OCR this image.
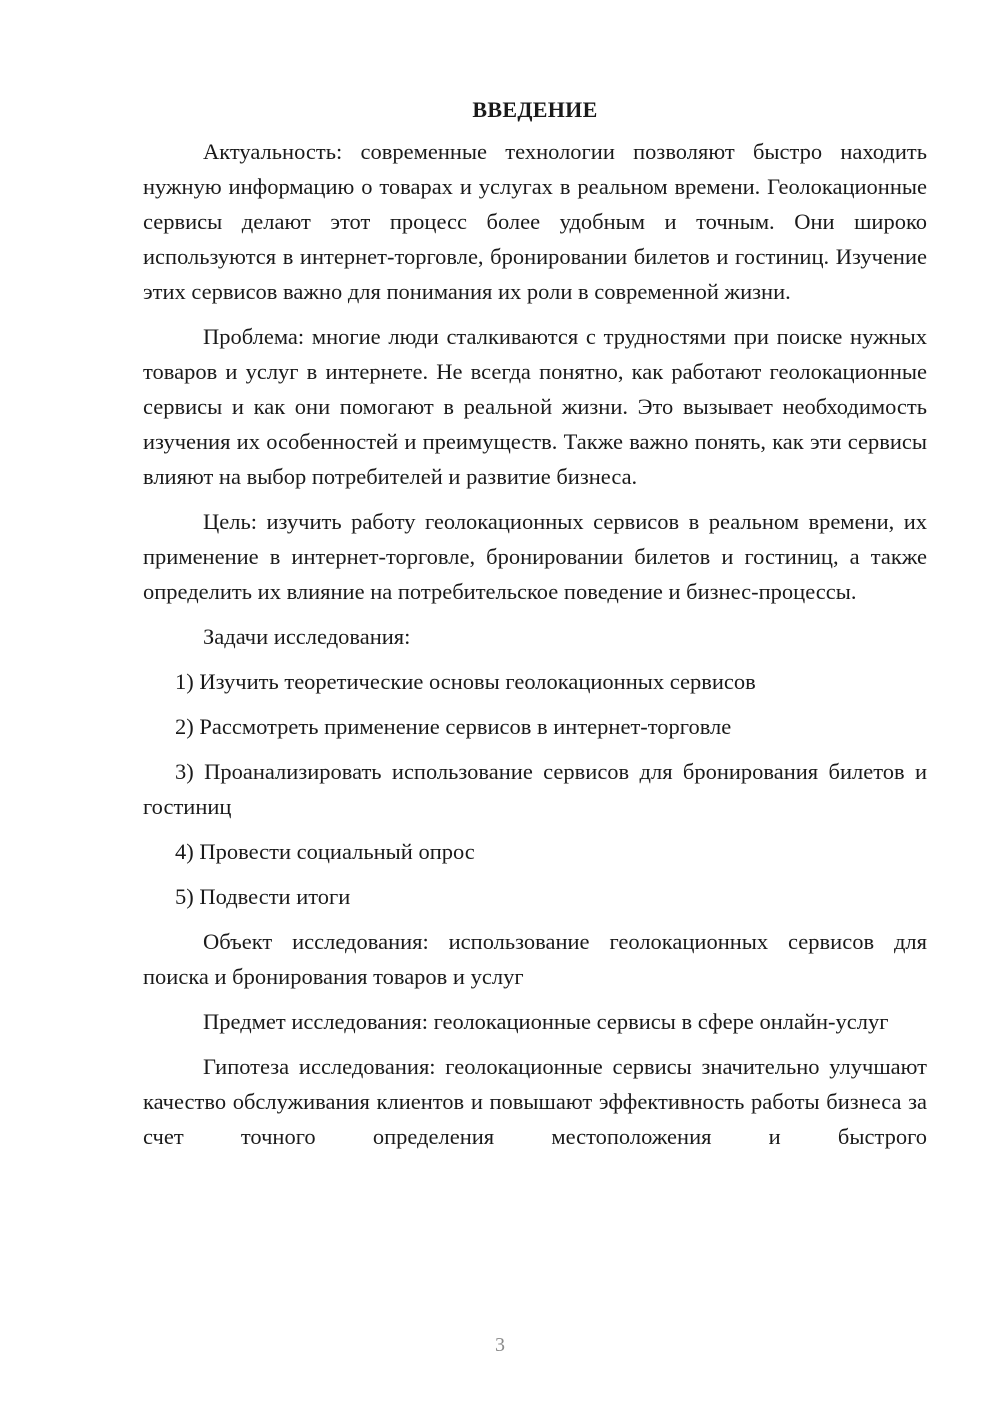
ВВЕДЕНИЕ

Актуальность: современные технологии позволяют быстро находить нужную информацию о товарах и услугах в реальном времени. Геолокационные сервисы делают этот процесс более удобным и точным. Они широко используются в интернет-торговле, бронировании билетов и гостиниц. Изучение этих сервисов важно для понимания их роли в современной жизни.

Проблема: многие люди сталкиваются с трудностями при поиске нужных товаров и услуг в интернете. Не всегда понятно, как работают геолокационные сервисы и как они помогают в реальной жизни. Это вызывает необходимость изучения их особенностей и преимуществ. Также важно понять, как эти сервисы влияют на выбор потребителей и развитие бизнеса.

Цель: изучить работу геолокационных сервисов в реальном времени, их применение в интернет-торговле, бронировании билетов и гостиниц, а также определить их влияние на потребительское поведение и бизнес-процессы.

Задачи исследования:

1) Изучить теоретические основы геолокационных сервисов

2) Рассмотреть применение сервисов в интернет-торговле

3) Проанализировать использование сервисов для бронирования билетов и гостиниц

4) Провести социальный опрос

5) Подвести итоги

Объект исследования: использование геолокационных сервисов для поиска и бронирования товаров и услуг

Предмет исследования: геолокационные сервисы в сфере онлайн-услуг

Гипотеза исследования: геолокационные сервисы значительно улучшают качество обслуживания клиентов и повышают эффективность работы бизнеса за счет точного определения местоположения и быстрого

3
